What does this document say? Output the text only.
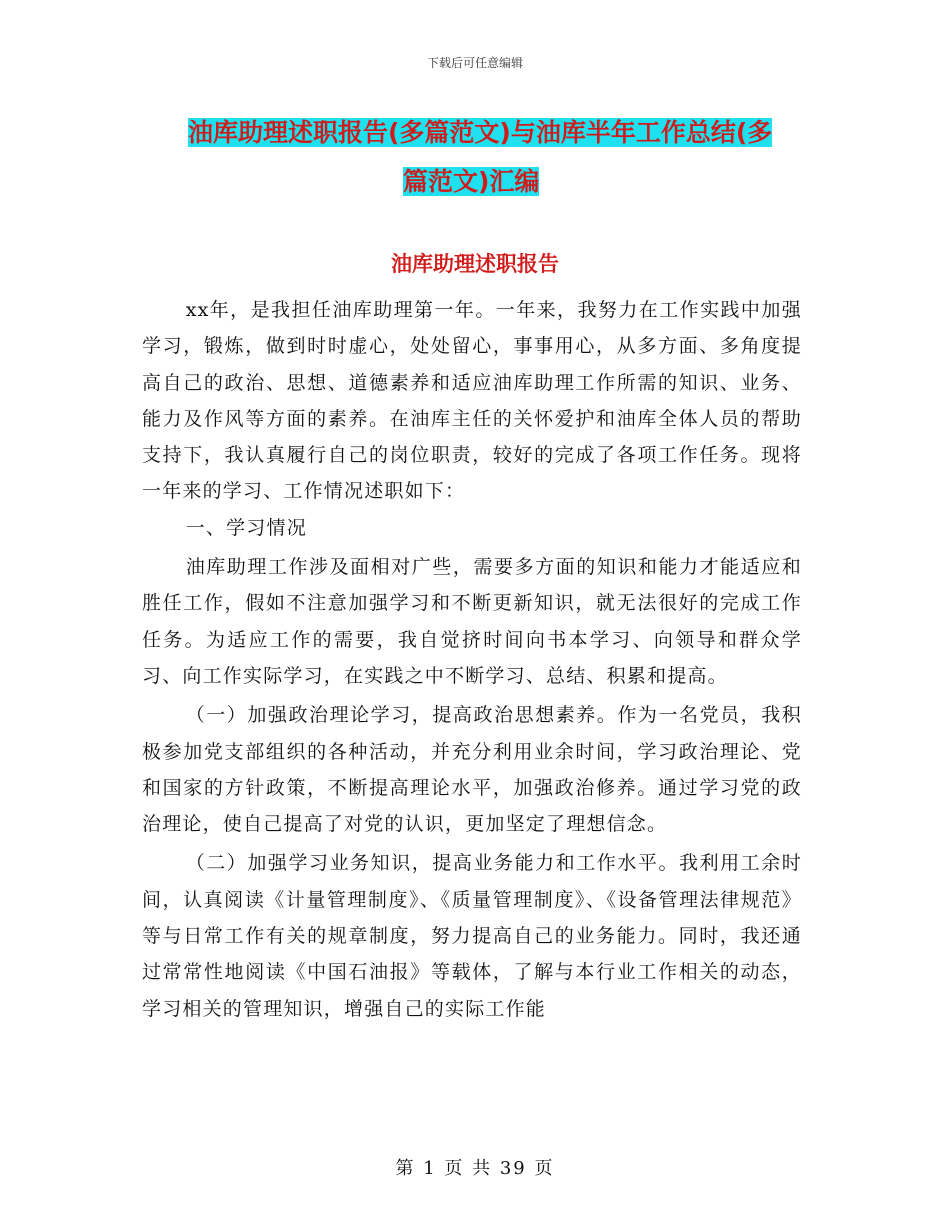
下载后可任意编辑
油库助理述职报告(多篇范文)与油库半年工作总结(多
篇范文)汇编
油库助理述职报告

xx年，是我担任油库助理第一年。一年来，我努力在工作实践中加强学习，锻炼，做到时时虚心，处处留心，事事用心，从多方面、多角度提高自己的政治、思想、道德素养和适应油库助理工作所需的知识、业务、能力及作风等方面的素养。在油库主任的关怀爱护和油库全体人员的帮助支持下，我认真履行自己的岗位职责，较好的完成了各项工作任务。现将一年来的学习、工作情况述职如下：

一、学习情况

油库助理工作涉及面相对广些，需要多方面的知识和能力才能适应和胜任工作，假如不注意加强学习和不断更新知识，就无法很好的完成工作任务。为适应工作的需要，我自觉挤时间向书本学习、向领导和群众学习、向工作实际学习，在实践之中不断学习、总结、积累和提高。

（一）加强政治理论学习，提高政治思想素养。作为一名党员，我积极参加党支部组织的各种活动，并充分利用业余时间，学习政治理论、党和国家的方针政策，不断提高理论水平，加强政治修养。通过学习党的政治理论，使自己提高了对党的认识，更加坚定了理想信念。

（二）加强学习业务知识，提高业务能力和工作水平。我利用工余时间，认真阅读《计量管理制度》、《质量管理制度》、《设备管理法律规范》等与日常工作有关的规章制度，努力提高自己的业务能力。同时，我还通过常常性地阅读《中国石油报》等载体，了解与本行业工作相关的动态，学习相关的管理知识，增强自己的实际工作能

第 1 页 共 39 页
